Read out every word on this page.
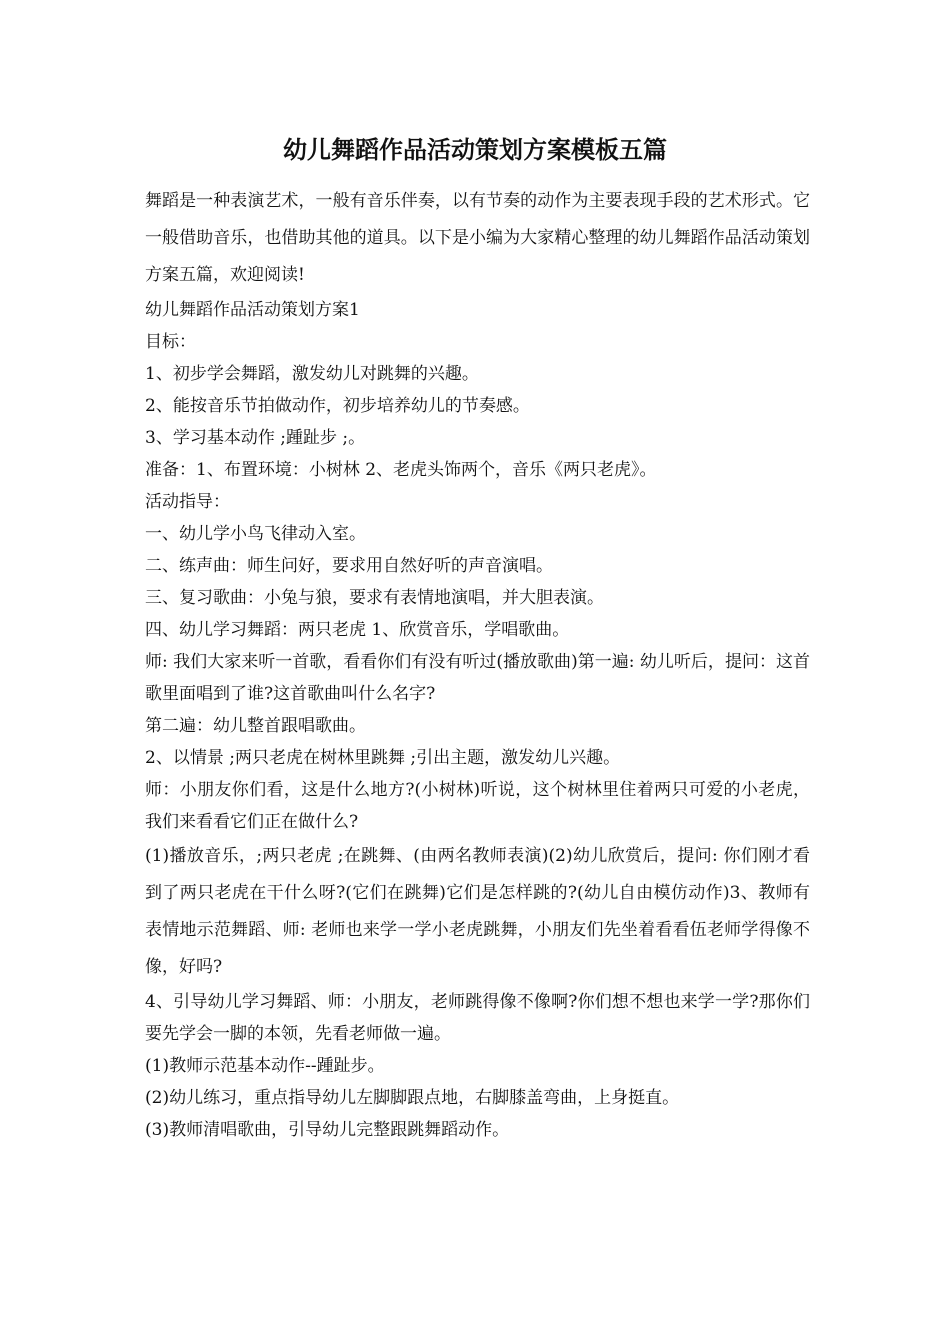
幼儿舞蹈作品活动策划方案模板五篇

舞蹈是一种表演艺术，一般有音乐伴奏，以有节奏的动作为主要表现手段的艺术形式。它一般借助音乐，也借助其他的道具。以下是小编为大家精心整理的幼儿舞蹈作品活动策划方案五篇，欢迎阅读!

幼儿舞蹈作品活动策划方案1

目标：

1、初步学会舞蹈，激发幼儿对跳舞的兴趣。

2、能按音乐节拍做动作，初步培养幼儿的节奏感。

3、学习基本动作 ;踵趾步 ;。

准备：1、布置环境：小树林 2、老虎头饰两个，音乐《两只老虎》。

活动指导：

一、幼儿学小鸟飞律动入室。

二、练声曲：师生问好，要求用自然好听的声音演唱。

三、复习歌曲：小兔与狼，要求有表情地演唱，并大胆表演。

四、幼儿学习舞蹈：两只老虎 1、欣赏音乐，学唱歌曲。

师: 我们大家来听一首歌，看看你们有没有听过(播放歌曲)第一遍: 幼儿听后，提问：这首歌里面唱到了谁?这首歌曲叫什么名字?

第二遍：幼儿整首跟唱歌曲。

2、以情景 ;两只老虎在树林里跳舞 ;引出主题，激发幼儿兴趣。

师：小朋友你们看，这是什么地方?(小树林)听说，这个树林里住着两只可爱的小老虎，我们来看看它们正在做什么?

(1)播放音乐，;两只老虎 ;在跳舞、(由两名教师表演)(2)幼儿欣赏后，提问: 你们刚才看到了两只老虎在干什么呀?(它们在跳舞)它们是怎样跳的?(幼儿自由模仿动作)3、教师有表情地示范舞蹈、师: 老师也来学一学小老虎跳舞，小朋友们先坐着看看伍老师学得像不像，好吗?

4、引导幼儿学习舞蹈、师：小朋友，老师跳得像不像啊?你们想不想也来学一学?那你们要先学会一脚的本领，先看老师做一遍。

(1)教师示范基本动作--踵趾步。

(2)幼儿练习，重点指导幼儿左脚脚跟点地，右脚膝盖弯曲，上身挺直。

(3)教师清唱歌曲，引导幼儿完整跟跳舞蹈动作。
